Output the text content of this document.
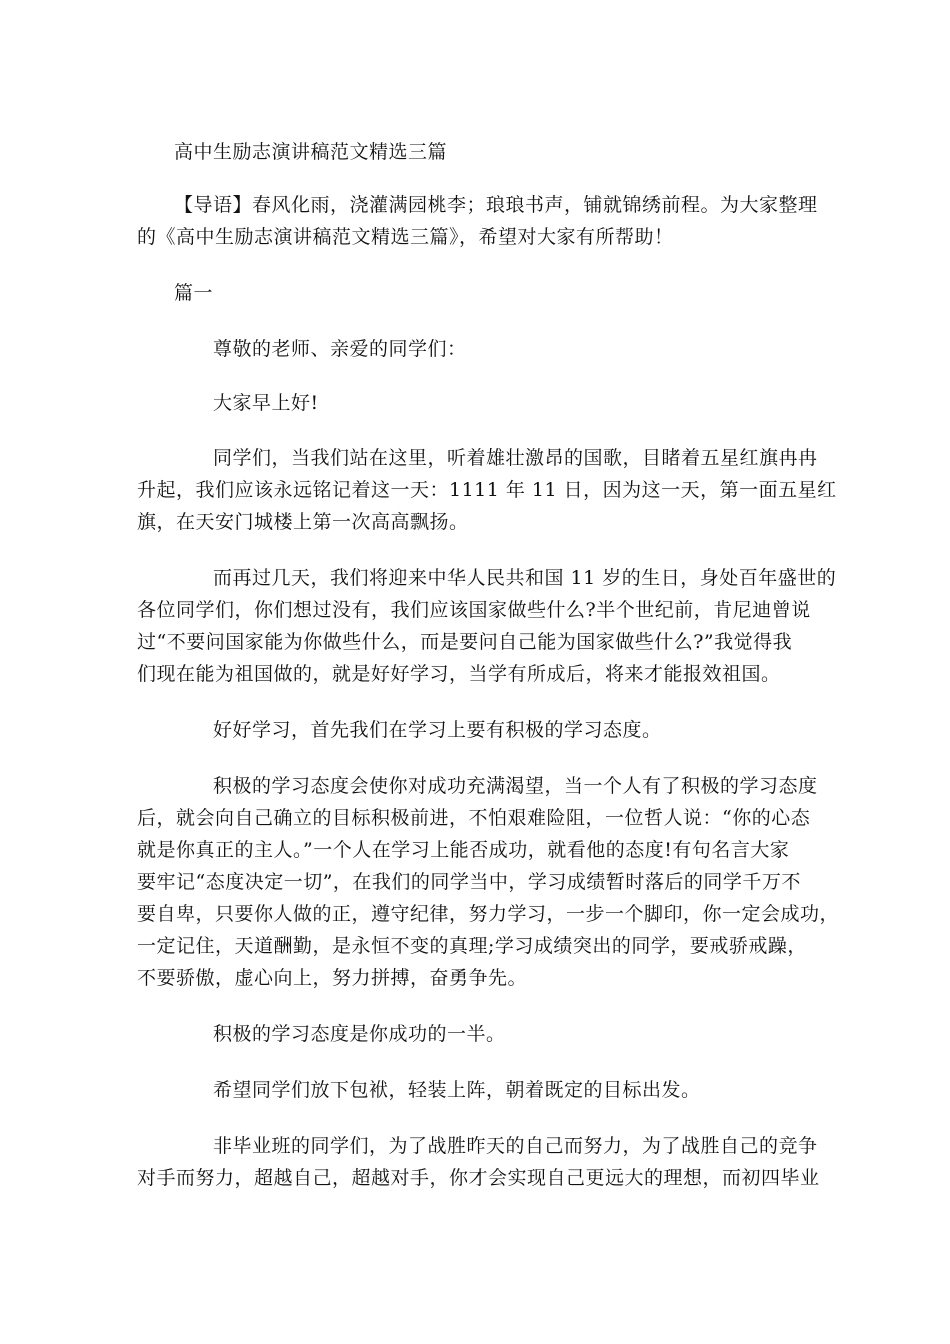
高中生励志演讲稿范文精选三篇
【导语】春风化雨，浇灌满园桃李；琅琅书声，铺就锦绣前程。为大家整理
的《高中生励志演讲稿范文精选三篇》，希望对大家有所帮助！
篇一
尊敬的老师、亲爱的同学们：
大家早上好!
同学们，当我们站在这里，听着雄壮激昂的国歌，目睹着五星红旗冉冉
升起，我们应该永远铭记着这一天：1111 年 11 日，因为这一天，第一面五星红
旗，在天安门城楼上第一次高高飘扬。
而再过几天，我们将迎来中华人民共和国 11 岁的生日，身处百年盛世的
各位同学们，你们想过没有，我们应该国家做些什么?半个世纪前，肯尼迪曾说
过“不要问国家能为你做些什么，而是要问自己能为国家做些什么?”我觉得我
们现在能为祖国做的，就是好好学习，当学有所成后，将来才能报效祖国。
好好学习，首先我们在学习上要有积极的学习态度。
积极的学习态度会使你对成功充满渴望，当一个人有了积极的学习态度
后，就会向自己确立的目标积极前进，不怕艰难险阻，一位哲人说：“你的心态
就是你真正的主人。”一个人在学习上能否成功，就看他的态度!有句名言大家
要牢记“态度决定一切”，在我们的同学当中，学习成绩暂时落后的同学千万不
要自卑，只要你人做的正，遵守纪律，努力学习，一步一个脚印，你一定会成功，
一定记住，天道酬勤，是永恒不变的真理;学习成绩突出的同学，要戒骄戒躁，
不要骄傲，虚心向上，努力拼搏，奋勇争先。
积极的学习态度是你成功的一半。
希望同学们放下包袱，轻装上阵，朝着既定的目标出发。
非毕业班的同学们，为了战胜昨天的自己而努力，为了战胜自己的竞争
对手而努力，超越自己，超越对手，你才会实现自己更远大的理想，而初四毕业
